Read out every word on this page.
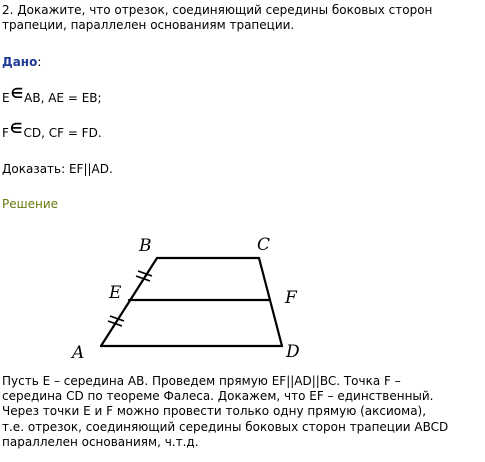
2. Докажите, что отрезок, соединяющий середины боковых сторон
трапеции, параллелен основаниям трапеции.
Дано:
E∈AB, AE = EB;
F∈CD, CF = FD.
Доказать: EF||AD.
Решение
B	C
E	F
A	D
Пусть E – середина AB. Проведем прямую EF||AD||BC. Точка F –
середина CD по теореме Фалеса. Докажем, что EF – единственный.
Через точки E и F можно провести только одну прямую (аксиома),
т.е. отрезок, соединяющий середины боковых сторон трапеции ABCD
параллелен основаниям, ч.т.д.
